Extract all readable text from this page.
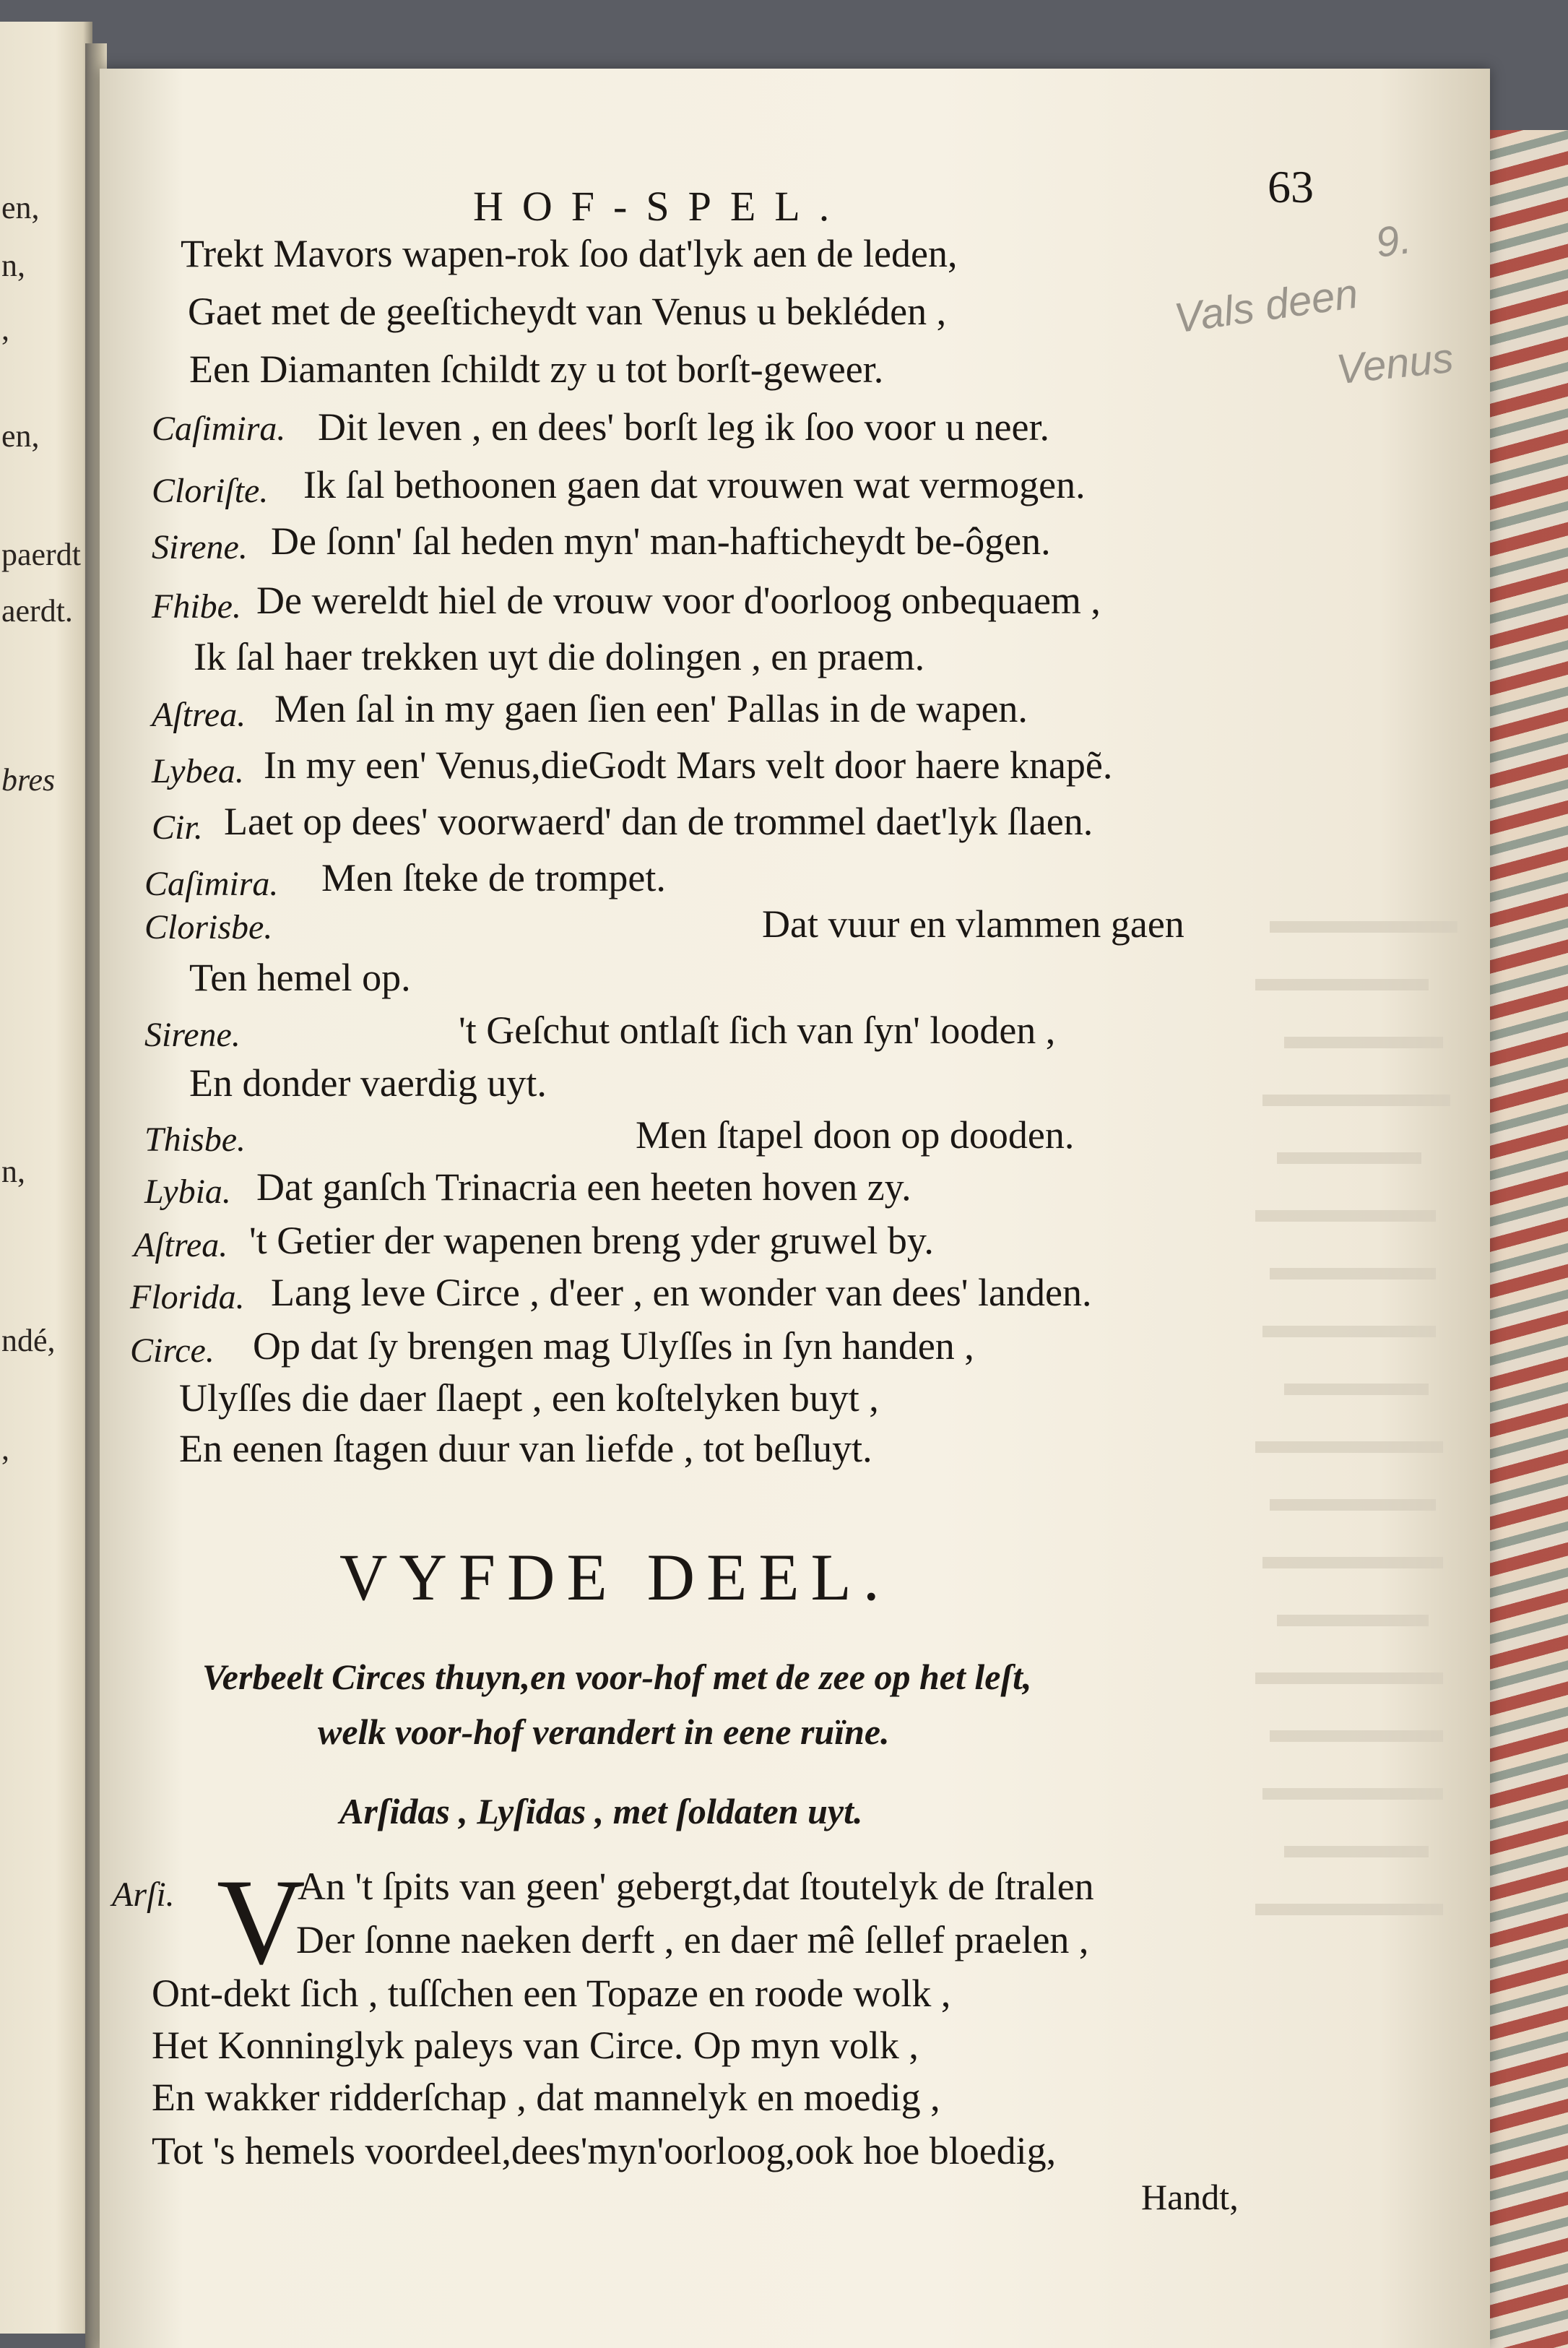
en,
n,
,
en,
paerdt
aerdt.
bres
n,
ndé,
,
9.
Vals deen
Venus
HOF-SPEL.	63
Trekt Mavors wapen-rok ſoo dat'lyk aen de leden,
Gaet met de geeſticheydt van Venus u bekléden ,
Een Diamanten ſchildt zy u tot borſt-geweer.
Caſimira. Dit leven , en dees' borſt leg ik ſoo voor u neer.
Cloriſte. Ik ſal bethoonen gaen dat vrouwen wat vermogen.
Sirene. De ſonn' ſal heden myn' man-hafticheydt be-ôgen.
Fhibe. De wereldt hiel de vrouw voor d'oorloog onbequaem ,
Ik ſal haer trekken uyt die dolingen , en praem.
Aſtrea. Men ſal in my gaen ſien een' Pallas in de wapen.
Lybea. In my een' Venus,dieGodt Mars velt door haere knapẽ.
Cir. Laet op dees' voorwaerd' dan de trommel daet'lyk ſlaen.
Caſimira. Men ſteke de trompet.
Clorisbe.	Dat vuur en vlammen gaen
Ten hemel op.
Sirene.	't Geſchut ontlaſt ſich van ſyn' looden ,
En donder vaerdig uyt.
Thisbe.	Men ſtapel doon op dooden.
Lybia. Dat ganſch Trinacria een heeten hoven zy.
Aſtrea. 't Getier der wapenen breng yder gruwel by.
Florida. Lang leve Circe , d'eer , en wonder van dees' landen.
Circe. Op dat ſy brengen mag Ulyſſes in ſyn handen ,
Ulyſſes die daer ſlaept , een koſtelyken buyt ,
En eenen ſtagen duur van liefde , tot beſluyt.
VYFDE DEEL.
Verbeelt Circes thuyn,en voor-hof met de zee op het leſt,
welk voor-hof verandert in eene ruïne.
Arſidas , Lyſidas , met ſoldaten uyt.
Arſi. V
An 't ſpits van geen' gebergt,dat ſtoutelyk de ſtralen
Der ſonne naeken derft , en daer mê ſellef praelen ,
Ont-dekt ſich , tuſſchen een Topaze en roode wolk ,
Het Konninglyk paleys van Circe. Op myn volk ,
En wakker ridderſchap , dat mannelyk en moedig ,
Tot 's hemels voordeel,dees'myn'oorloog,ook hoe bloedig,
Handt,
